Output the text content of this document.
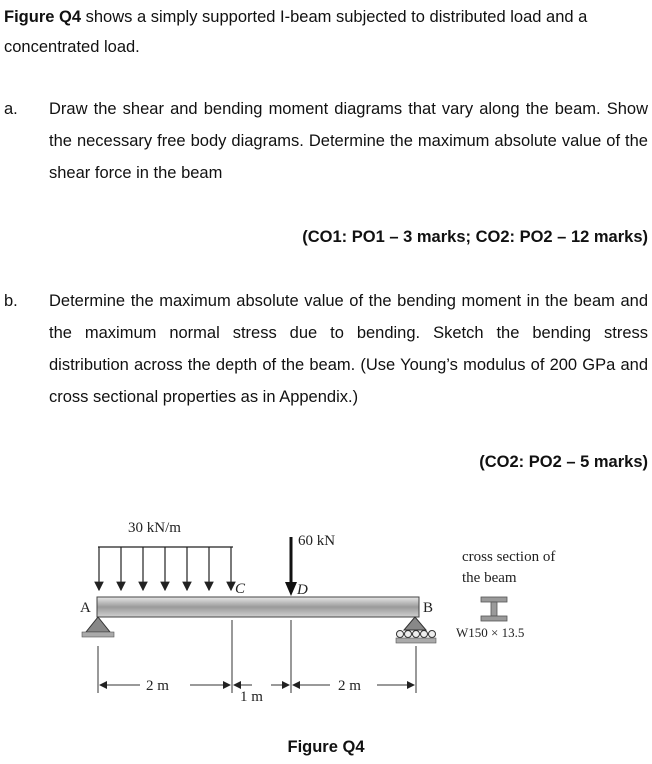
Figure Q4 shows a simply supported I-beam subjected to distributed load and a concentrated load.
a. Draw the shear and bending moment diagrams that vary along the beam. Show the necessary free body diagrams. Determine the maximum absolute value of the shear force in the beam
(CO1: PO1 – 3 marks; CO2: PO2 – 12 marks)
b. Determine the maximum absolute value of the bending moment in the beam and the maximum normal stress due to bending. Sketch the bending stress distribution across the depth of the beam. (Use Young’s modulus of 200 GPa and cross sectional properties as in Appendix.)
(CO2: PO2 – 5 marks)
30 kN/m
60 kN
A	B
C	D
2 m
1 m
2 m
cross section of
the beam
W150 × 13.5
Figure Q4
